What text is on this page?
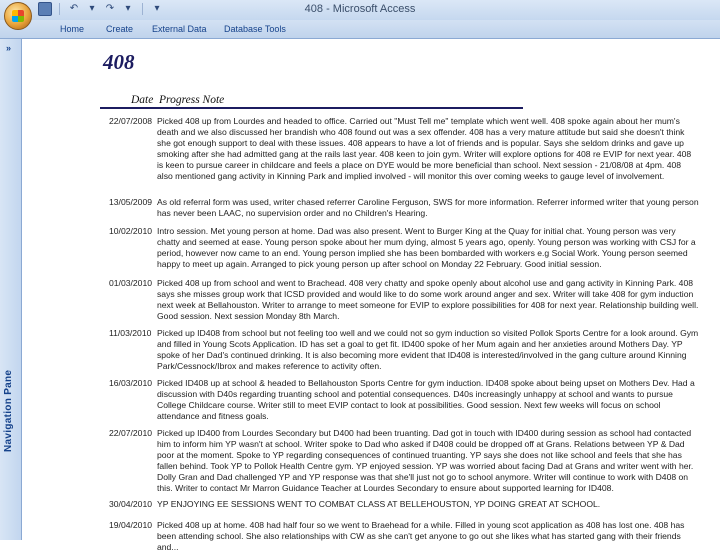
↶	▾	↷	▾	▾	408 - Microsoft Access
Home Create External Data Database Tools
»
Navigation Pane
408
Date Progress Note
22/07/2008 Picked 408 up from Lourdes and headed to office. Carried out "Must Tell me" template which went well. 408 spoke again about her mum's death and we also discussed her brandish who 408 found out was a sex offender. 408 has a very mature attitude but said she doesn't think she got enough support to deal with these issues. 408 appears to have a lot of friends and is popular. Says she seldom drinks and gave up smoking after she had admitted gang at the rails last year. 408 keen to join gym. Writer will explore options for 408 re EVIP for next year. 408 is keen to pursue career in childcare and feels a place on DYE would be more beneficial than school. Next session - 21/08/08 at 4pm. 408 also mentioned gang activity in Kinning Park and implied involved - will monitor this over coming weeks to gauge level of involvement.
13/05/2009 As old referral form was used, writer chased referrer Caroline Ferguson, SWS for more information. Referrer informed writer that young person has never been LAAC, no supervision order and no Children's Hearing.
10/02/2010 Intro session. Met young person at home. Dad was also present. Went to Burger King at the Quay for initial chat. Young person was very chatty and seemed at ease. Young person spoke about her mum dying, almost 5 years ago, openly. Young person was working with CSJ for a period, however now came to an end. Young person implied she has been bombarded with workers e.g Social Work. Young person seemed happy to meet up again. Arranged to pick young person up after school on Monday 22 February. Good initial session.
01/03/2010 Picked 408 up from school and went to Brachead. 408 very chatty and spoke openly about alcohol use and gang activity in Kinning Park. 408 says she misses group work that ICSD provided and would like to do some work around anger and sex. Writer will take 408 for gym induction next week at Bellahouston. Writer to arrange to meet someone for EVIP to explore possibilities for 408 for next year. Relationship building well. Good session. Next session Monday 8th March.
11/03/2010 Picked up ID408 from school but not feeling too well and we could not so gym induction so visited Pollok Sports Centre for a look around. Gym and filled in Young Scots Application. ID has set a goal to get fit. ID400 spoke of her Mum again and her anxieties around Mothers Day. YP spoke of her Dad's continued drinking. It is also becoming more evident that ID408 is interested/involved in the gang culture around Kinning Park/Cessnock/Ibrox and makes reference to activity often.
16/03/2010 Picked ID408 up at school & headed to Bellahouston Sports Centre for gym induction. ID408 spoke about being upset on Mothers Dev. Had a discussion with D40s regarding truanting school and potential consequences. D40s increasingly unhappy at school and wants to pursue College Childcare course. Writer still to meet EVIP contact to look at possibilities. Good session. Next few weeks will focus on school attendance and fitness goals.
22/07/2010 Picked up ID400 from Lourdes Secondary but D400 had been truanting. Dad got in touch with ID400 during session as school had contacted him to inform him YP wasn't at school. Writer spoke to Dad who asked if D408 could be dropped off at Grans. Relations between YP & Dad poor at the moment. Spoke to YP regarding consequences of continued truanting. YP says she does not like school and feels that she has fallen behind. Took YP to Pollok Health Centre gym. YP enjoyed session. YP was worried about facing Dad at Grans and writer went with her. Dolly Gran and Dad challenged YP and YP response was that she'll just not go to school anymore. Writer will continue to work with D408 on this. Writer to contact Mr Marron Guidance Teacher at Lourdes Secondary to ensure about supported learning for ID408.
30/04/2010 YP ENJOYING EE SESSIONS WENT TO COMBAT CLASS AT BELLEHOUSTON, YP DOING GREAT AT SCHOOL.
19/04/2010 Picked 408 up at home. 408 had half four so we went to Braehead for a while. Filled in young scot application as 408 has lost one. 408 has been attending school. She also relationships with CW as she can't get anyone to go out she likes what has started gang with their friends and...
